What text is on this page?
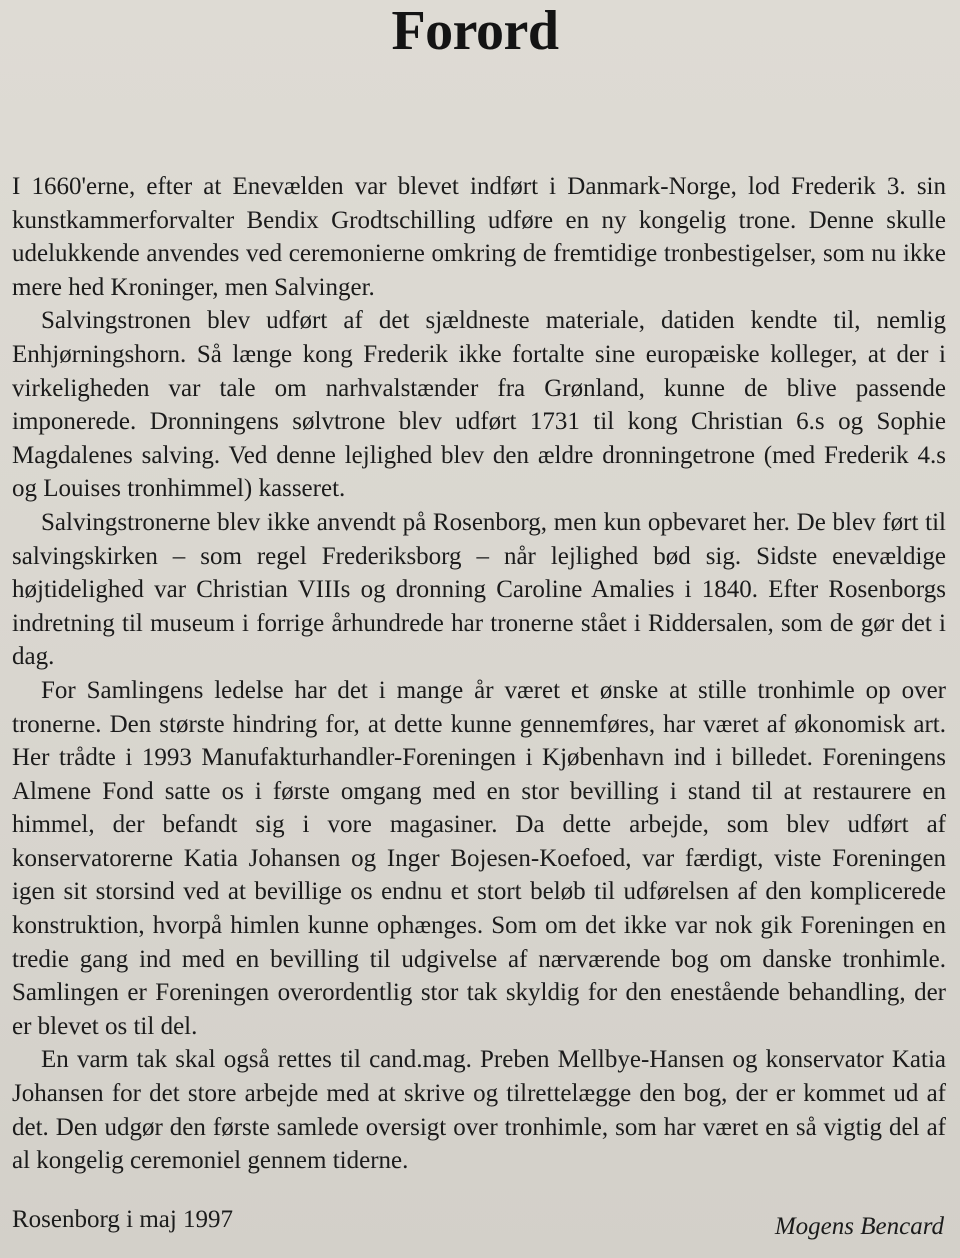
Forord

I 1660'erne, efter at Enevælden var blevet indført i Danmark-Norge, lod Frederik 3. sin kunstkammerforvalter Bendix Grodtschilling udføre en ny kongelig trone. Denne skulle udelukkende anvendes ved ceremonierne omkring de fremtidige tronbestigelser, som nu ikke mere hed Kroninger, men Salvinger.

Salvingstronen blev udført af det sjældneste materiale, datiden kendte til, nemlig Enhjørningshorn. Så længe kong Frederik ikke fortalte sine europæiske kolleger, at der i virkeligheden var tale om narhvalstænder fra Grønland, kunne de blive passende imponerede. Dronningens sølvtrone blev udført 1731 til kong Christian 6.s og Sophie Magdalenes salving. Ved denne lejlighed blev den ældre dronningetrone (med Frederik 4.s og Louises tronhimmel) kasseret.

Salvingstronerne blev ikke anvendt på Rosenborg, men kun opbevaret her. De blev ført til salvingskirken – som regel Frederiksborg – når lejlighed bød sig. Sidste enevældige højtidelighed var Christian VIIIs og dronning Caroline Amalies i 1840. Efter Rosenborgs indretning til museum i forrige århundrede har tronerne stået i Riddersalen, som de gør det i dag.

For Samlingens ledelse har det i mange år været et ønske at stille tronhimle op over tronerne. Den største hindring for, at dette kunne gennemføres, har været af økonomisk art. Her trådte i 1993 Manufakturhandler-Foreningen i Kjøbenhavn ind i billedet. Foreningens Almene Fond satte os i første omgang med en stor bevilling i stand til at restaurere en himmel, der befandt sig i vore magasiner. Da dette arbejde, som blev udført af konservatorerne Katia Johansen og Inger Bojesen-Koefoed, var færdigt, viste Foreningen igen sit storsind ved at bevillige os endnu et stort beløb til udførelsen af den komplicerede konstruktion, hvorpå himlen kunne ophænges. Som om det ikke var nok gik Foreningen en tredie gang ind med en bevilling til udgivelse af nærværende bog om danske tronhimle. Samlingen er Foreningen overordentlig stor tak skyldig for den enestående behandling, der er blevet os til del.

En varm tak skal også rettes til cand.mag. Preben Mellbye-Hansen og konservator Katia Johansen for det store arbejde med at skrive og tilrettelægge den bog, der er kommet ud af det. Den udgør den første samlede oversigt over tronhimle, som har været en så vigtig del af al kongelig ceremoniel gennem tiderne.

Rosenborg i maj 1997	Mogens Bencard
